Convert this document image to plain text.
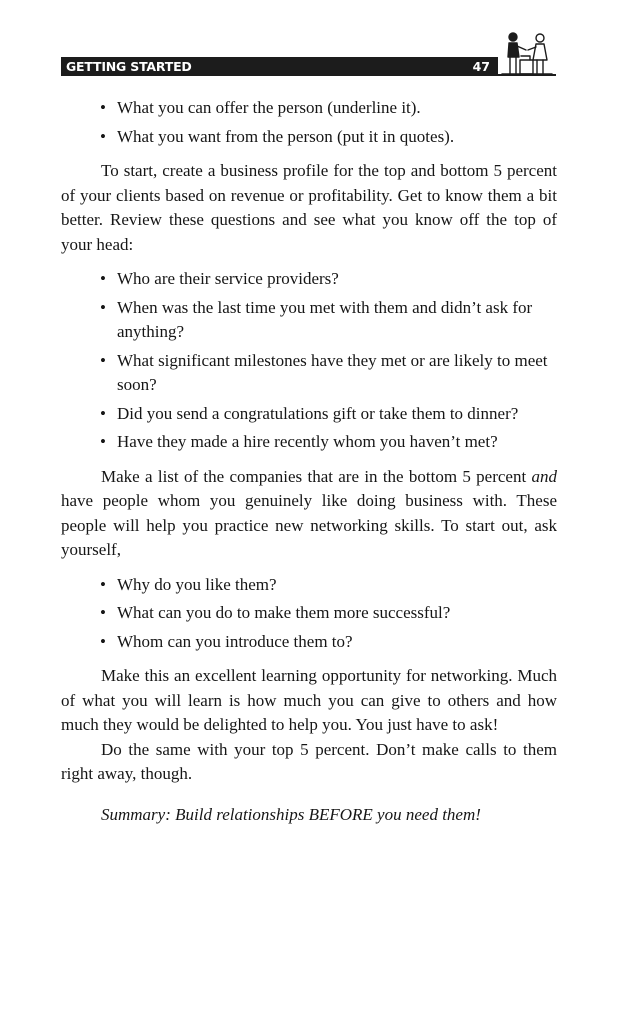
GETTING STARTED	47
• What you can offer the person (underline it).
• What you want from the person (put it in quotes).

To start, create a business profile for the top and bottom 5 percent of your clients based on revenue or profitability. Get to know them a bit better. Review these questions and see what you know off the top of your head:

• Who are their service providers?
• When was the last time you met with them and didn’t ask for anything?
• What significant milestones have they met or are likely to meet soon?
• Did you send a congratulations gift or take them to dinner?
• Have they made a hire recently whom you haven’t met?

Make a list of the companies that are in the bottom 5 percent and have people whom you genuinely like doing business with. These people will help you practice new networking skills. To start out, ask yourself,

• Why do you like them?
• What can you do to make them more successful?
• Whom can you introduce them to?

Make this an excellent learning opportunity for networking. Much of what you will learn is how much you can give to others and how much they would be delighted to help you. You just have to ask!

Do the same with your top 5 percent. Don’t make calls to them right away, though.

Summary: Build relationships BEFORE you need them!
